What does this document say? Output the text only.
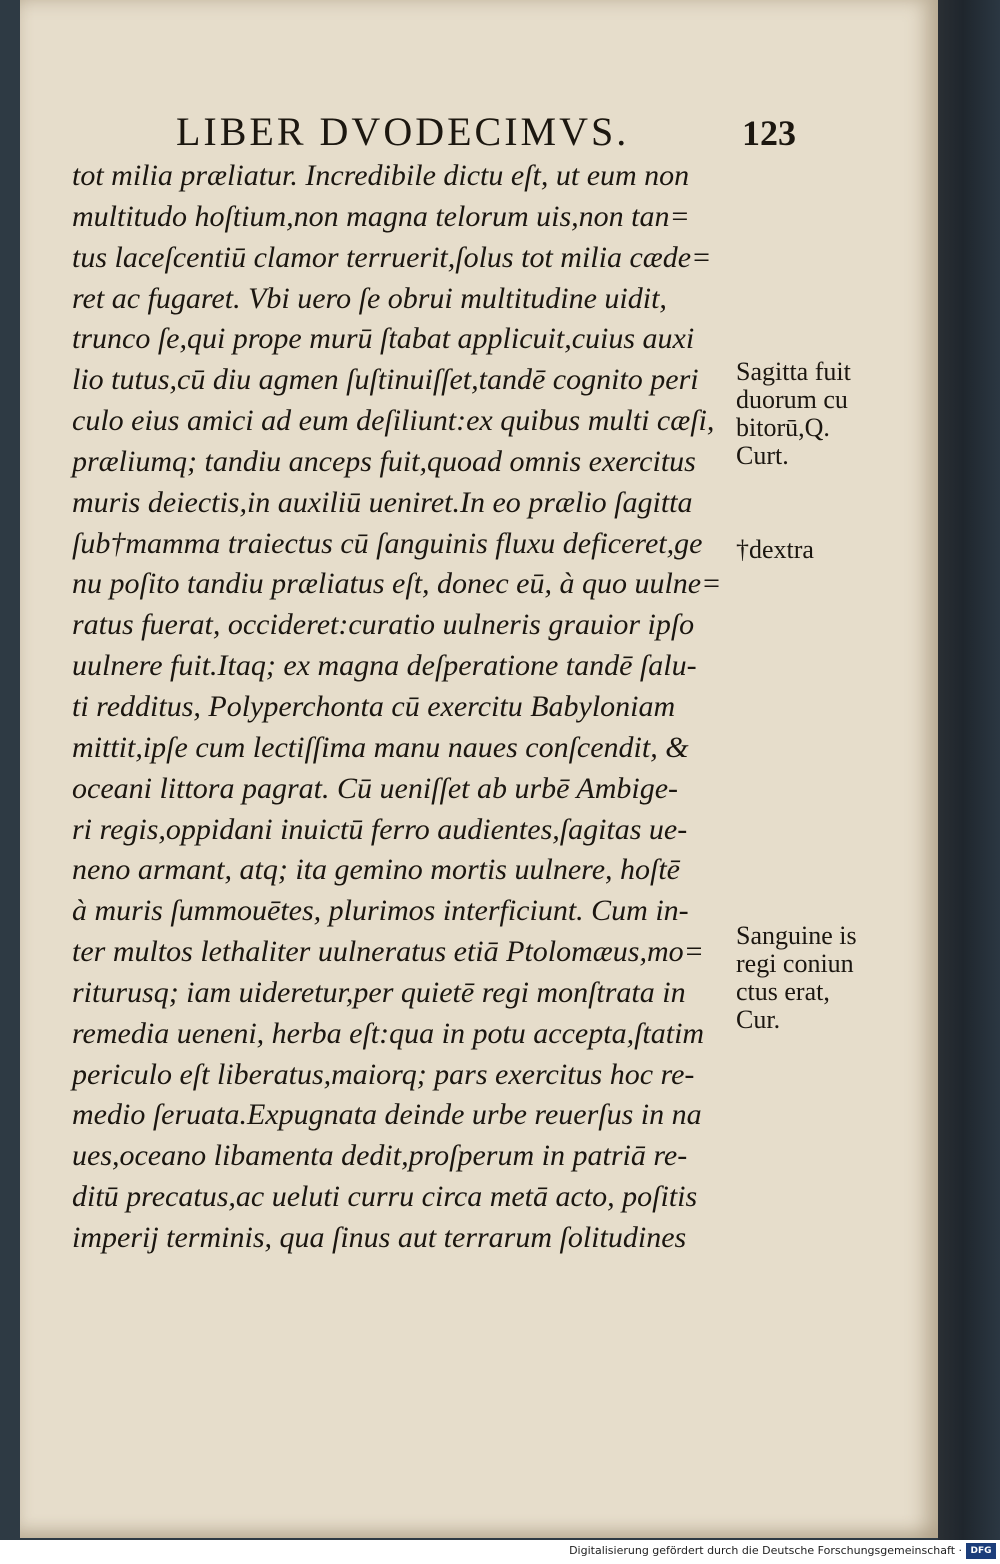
LIBER DVODECIMVS.	123
tot milia prӕliatur. Incredibile dictu eſt, ut eum non
multitudo hoſtium,non magna telorum uis,non tan=
tus laceſcentiū clamor terruerit,ſolus tot milia cӕde=
ret ac fugaret. Vbi uero ſe obrui multitudine uidit,
trunco ſe,qui prope murū ſtabat applicuit,cuius auxi
lio tutus,cū diu agmen ſuſtinuiſſet,tandē cognito peri
culo eius amici ad eum deſiliunt:ex quibus multi cӕſi,
prӕliumq; tandiu anceps fuit,quoad omnis exercitus
muris deiectis,in auxiliū ueniret.In eo prӕlio ſagitta
ſub†mamma traiectus cū ſanguinis fluxu deficeret,ge
nu poſito tandiu prӕliatus eſt, donec eū, à quo uulne=
ratus fuerat, occideret:curatio uulneris grauior ipſo
uulnere fuit.Itaq; ex magna deſperatione tandē ſalu-
ti redditus, Polyperchonta cū exercitu Babyloniam
mittit,ipſe cum lectiſſima manu naues conſcendit, &
oceani littora pagrat. Cū ueniſſet ab urbē Ambige-
ri regis,oppidani inuictū ferro audientes,ſagitas ue-
neno armant, atq; ita gemino mortis uulnere, hoſtē
à muris ſummouētes, plurimos interficiunt. Cum in-
ter multos lethaliter uulneratus etiā Ptolomӕus,mo=
riturusq; iam uideretur,per quietē regi monſtrata in
remedia ueneni, herba eſt:qua in potu accepta,ſtatim
periculo eſt liberatus,maiorq; pars exercitus hoc re-
medio ſeruata.Expugnata deinde urbe reuerſus in na
ues,oceano libamenta dedit,proſperum in patriā re-
ditū precatus,ac ueluti curru circa metā acto, poſitis
imperij terminis, qua ſinus aut terrarum ſolitudines
Sagitta fuit
duorum cu
bitorū,Q.
Curt.
†dextra
Sanguine is
regi coniun
ctus erat,
Cur.
Digitalisierung gefördert durch die Deutsche Forschungsgemeinschaft · DFG
